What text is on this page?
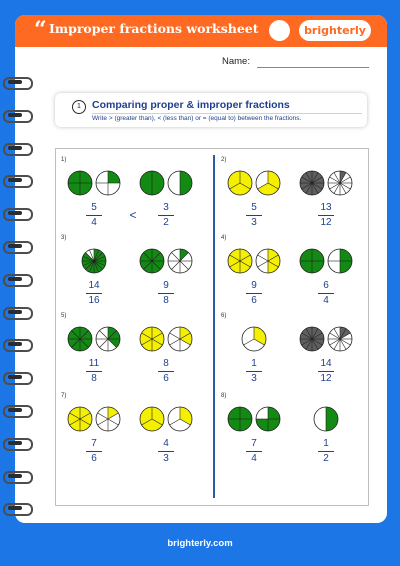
“ Improper fractions worksheet	brighterly
Name:
1	Comparing proper & improper fractions
Write > (greater than), < (less than) or = (equal to) between the fractions.
1)
5
4
3
2
<
2)
5
3
13
12
3)
14
16
9
8
4)
9
6
6
4
5)
11
8
8
6
6)
1
3
14
12
7)
7
6
4
3
8)
7
4
1
2
brighterly.com
